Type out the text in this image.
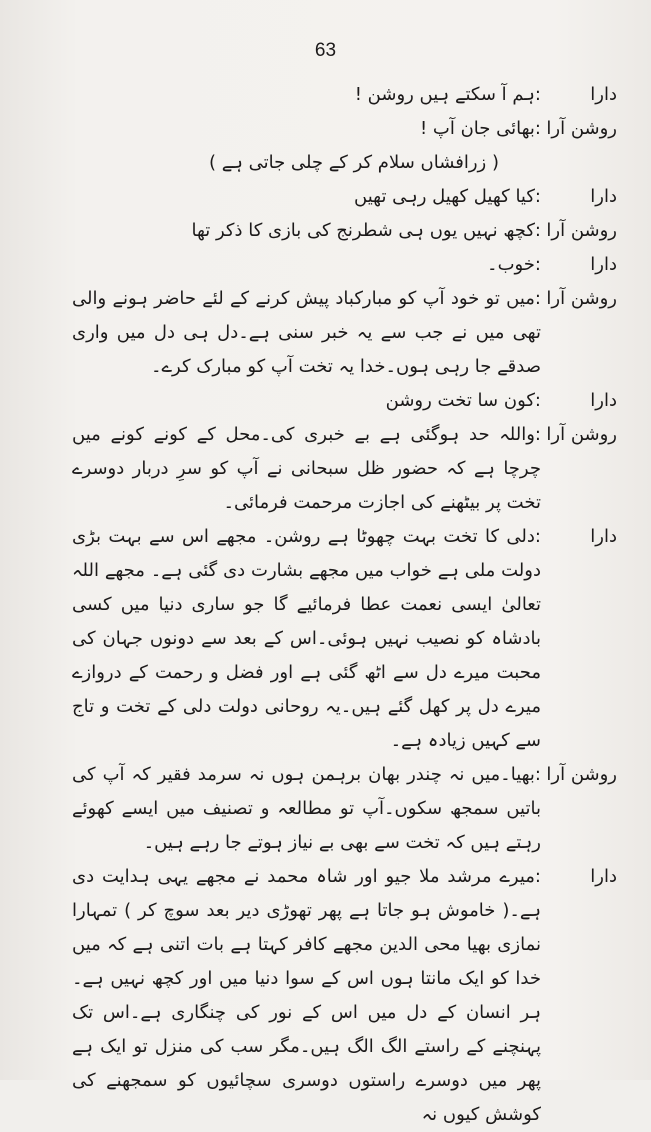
63
دارا
:ہم آ سکتے ہیں روشن !
روشن آرا
:بھائی جان آپ !
( زرافشاں سلام کر کے چلی جاتی ہے )
دارا
:کیا کھیل کھیل رہی تھیں
روشن آرا
:کچھ نہیں یوں ہی شطرنج کی بازی کا ذکر تھا
دارا
:خوب۔
روشن آرا
:میں تو خود آپ کو مبارکباد پیش کرنے کے لئے حاضر ہونے والی تھی میں نے جب سے یہ خبر سنی ہے۔دل ہی دل میں واری صدقے جا رہی ہوں۔خدا یہ تخت آپ کو مبارک کرے۔
دارا
:کون سا تخت روشن
روشن آرا
:واللہ حد ہوگئی ہے بے خبری کی۔محل کے کونے کونے میں چرچا ہے کہ حضور ظل سبحانی نے آپ کو سرِ دربار دوسرے تخت پر بیٹھنے کی اجازت مرحمت فرمائی۔
دارا
:دلی کا تخت بہت چھوٹا ہے روشن۔ مجھے اس سے بہت بڑی دولت ملی ہے خواب میں مجھے بشارت دی گئی ہے۔ مجھے اللہ تعالیٰ ایسی نعمت عطا فرمائیے گا جو ساری دنیا میں کسی بادشاہ کو نصیب نہیں ہوئی۔اس کے بعد سے دونوں جہان کی محبت میرے دل سے اٹھ گئی ہے اور فضل و رحمت کے دروازے میرے دل پر کھل گئے ہیں۔یہ روحانی دولت دلی کے تخت و تاج سے کہیں زیادہ ہے۔
روشن آرا
:بھیا۔میں نہ چندر بھان برہمن ہوں نہ سرمد فقیر کہ آپ کی باتیں سمجھ سکوں۔آپ تو مطالعہ و تصنیف میں ایسے کھوئے رہتے ہیں کہ تخت سے بھی بے نیاز ہوتے جا رہے ہیں۔
دارا
:میرے مرشد ملا جیو اور شاہ محمد نے مجھے یہی ہدایت دی ہے۔( خاموش ہو جاتا ہے پھر تھوڑی دیر بعد سوچ کر ) تمہارا نمازی بھیا محی الدین مجھے کافر کہتا ہے بات اتنی ہے کہ میں خدا کو ایک مانتا ہوں اس کے سوا دنیا میں اور کچھ نہیں ہے۔ہر انسان کے دل میں اس کے نور کی چنگاری ہے۔اس تک پہنچنے کے راستے الگ الگ ہیں۔مگر سب کی منزل تو ایک ہے پھر میں دوسرے راستوں دوسری سچائیوں کو سمجھنے کی کوشش کیوں نہ
